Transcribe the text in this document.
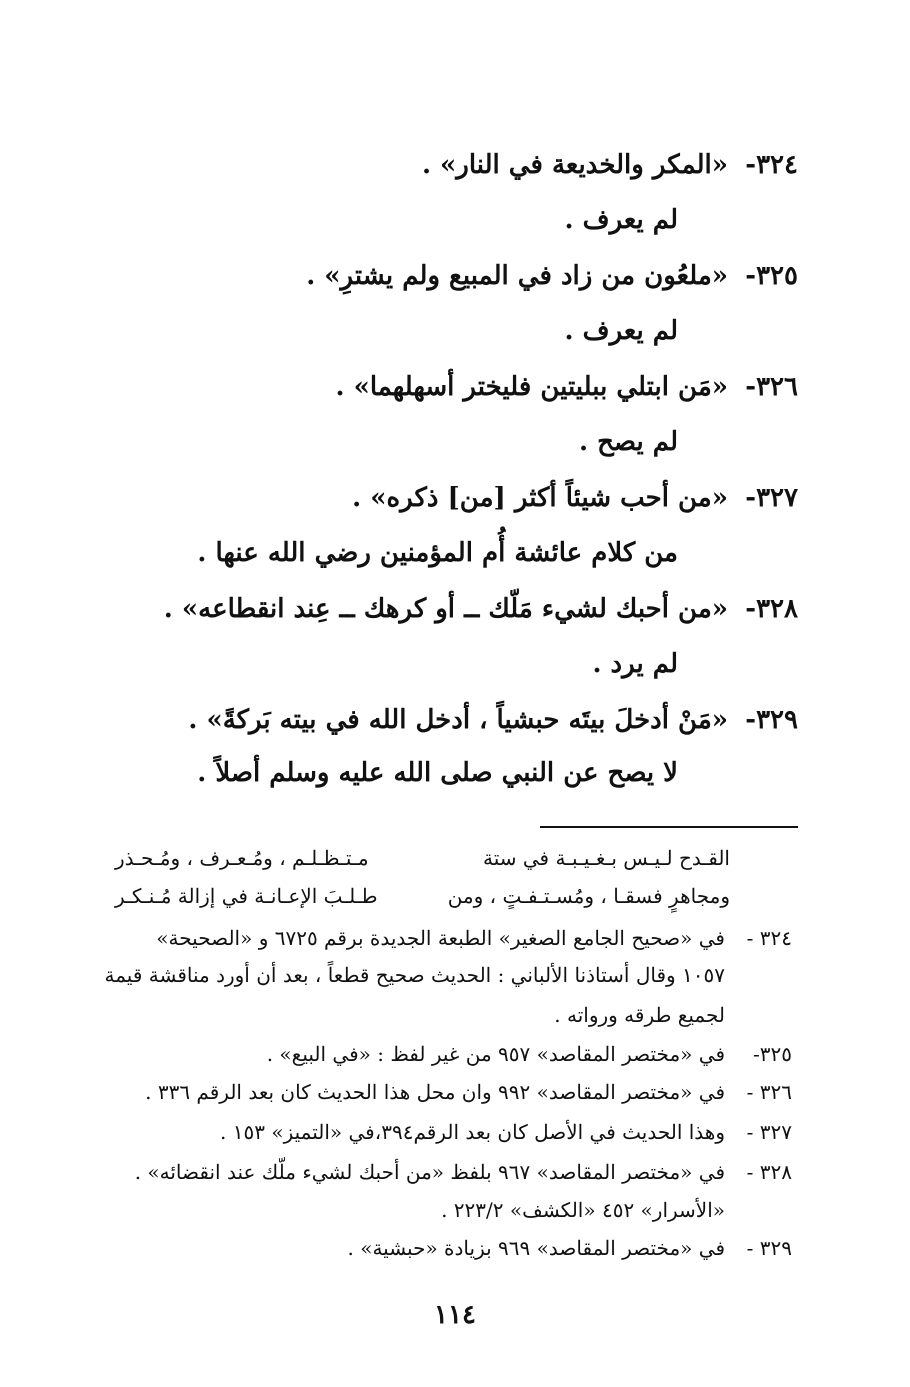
٣٢٤-
«المكر والخديعة في النار» .
لم يعرف .
٣٢٥-
«ملعُون من زاد في المبيع ولم يشترِ» .
لم يعرف .
٣٢٦-
«مَن ابتلي ببليتين فليختر أسهلهما» .
لم يصح .
٣٢٧-
«من أحب شيئاً أكثر [من] ذكره» .
من كلام عائشة أُم المؤمنين رضي الله عنها .
٣٢٨-
«من أحبك لشيء مَلّك ــ أو كرهك ــ عِند انقطاعه» .
لم يرد .
٣٢٩-
«مَنْ أدخلَ بيتَه حبشياً ، أدخل الله في بيته بَركةً» .
لا يصح عن النبي صلى الله عليه وسلم أصلاً .
القـدح لـيـس بـغـيـبـة في ستة
مـتـظـلـم ، ومُـعـرف ، ومُـحـذر
ومجاهرٍ فسقـا ، ومُسـتـفـتٍ ، ومن
طـلـبَ الإعـانـة في إزالة مُـنـكـر
٣٢٤ -
في «صحيح الجامع الصغير» الطبعة الجديدة برقم ٦٧٢٥ و «الصحيحة»
١٠٥٧ وقال أستاذنا الألباني : الحديث صحيح قطعاً ، بعد أن أورد مناقشة قيمة
لجميع طرقه ورواته .
٣٢٥-
في «مختصر المقاصد» ٩٥٧ من غير لفظ : «في البيع» .
٣٢٦ -
في «مختصر المقاصد» ٩٩٢ وان محل هذا الحديث كان بعد الرقم ٣٣٦ .
٣٢٧ -
وهذا الحديث في الأصل كان بعد الرقم٣٩٤،في «التميز» ١٥٣ .
٣٢٨ -
في «مختصر المقاصد» ٩٦٧ بلفظ «من أحبك لشيء ملّك عند انقضائه» .
«الأسرار» ٤٥٢ «الكشف» ٢٢٣/٢ .
٣٢٩ -
في «مختصر المقاصد» ٩٦٩ بزيادة «حبشية» .
١١٤
